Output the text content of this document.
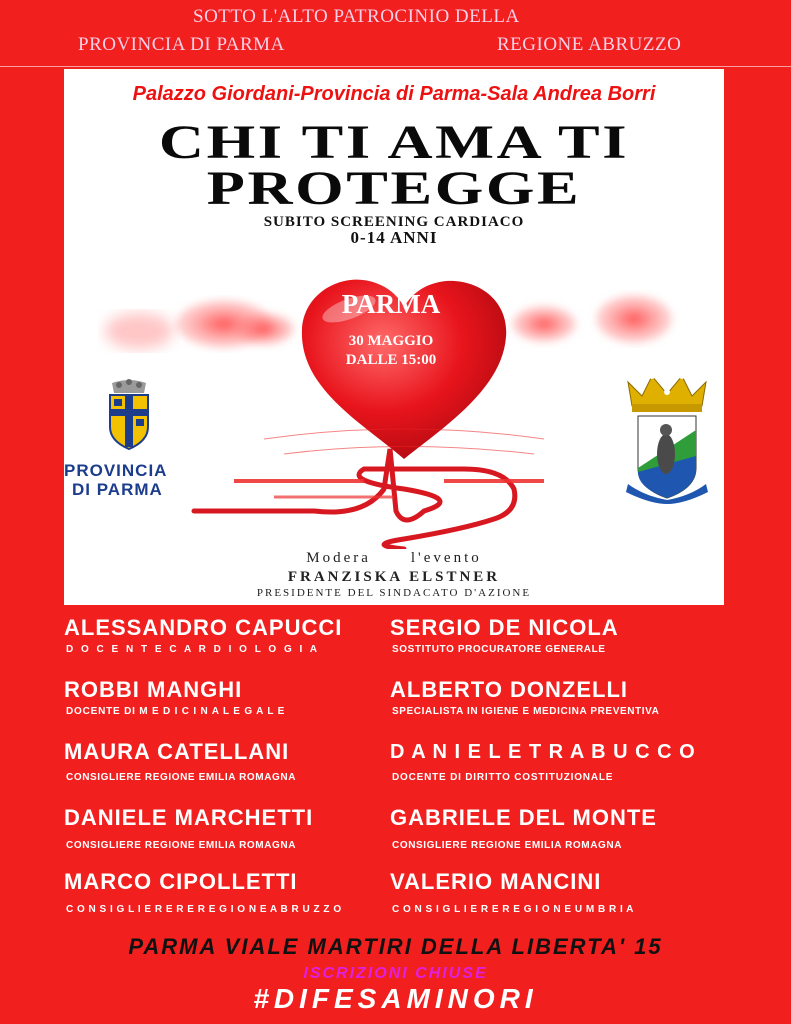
SOTTO L'ALTO PATROCINIO DELLA
PROVINCIA DI PARMA	REGIONE ABRUZZO
Palazzo Giordani-Provincia di Parma-Sala Andrea Borri
CHI TI AMA TI
PROTEGGE
SUBITO SCREENING CARDIACO
0-14 ANNI
PARMA
30 MAGGIO
DALLE 15:00
PROVINCIA
DI PARMA
Modera	l'evento
FRANZISKA ELSTNER
PRESIDENTE DEL SINDACATO D'AZIONE
ALESSANDRO CAPUCCI
D O C E N T E C A R D I O L O G I A
SERGIO DE NICOLA
SOSTITUTO PROCURATORE GENERALE
ROBBI MANGHI
DOCENTE DI M E D I C I N A L E G A L E
ALBERTO DONZELLI
SPECIALISTA IN IGIENE E MEDICINA PREVENTIVA
MAURA CATELLANI
CONSIGLIERE REGIONE EMILIA ROMAGNA
D A N I E L E T R A B U C C O
DOCENTE DI DIRITTO COSTITUZIONALE
DANIELE MARCHETTI
CONSIGLIERE REGIONE EMILIA ROMAGNA
GABRIELE DEL MONTE
CONSIGLIERE REGIONE EMILIA ROMAGNA
MARCO CIPOLLETTI
C O N S I G L I E R E R E R E G I O N E A B R U Z Z O
VALERIO MANCINI
C O N S I G L I E R E R E G I O N E U M B R I A
PARMA VIALE MARTIRI DELLA LIBERTA' 15
ISCRIZIONI CHIUSE
#DIFESAMINORI
